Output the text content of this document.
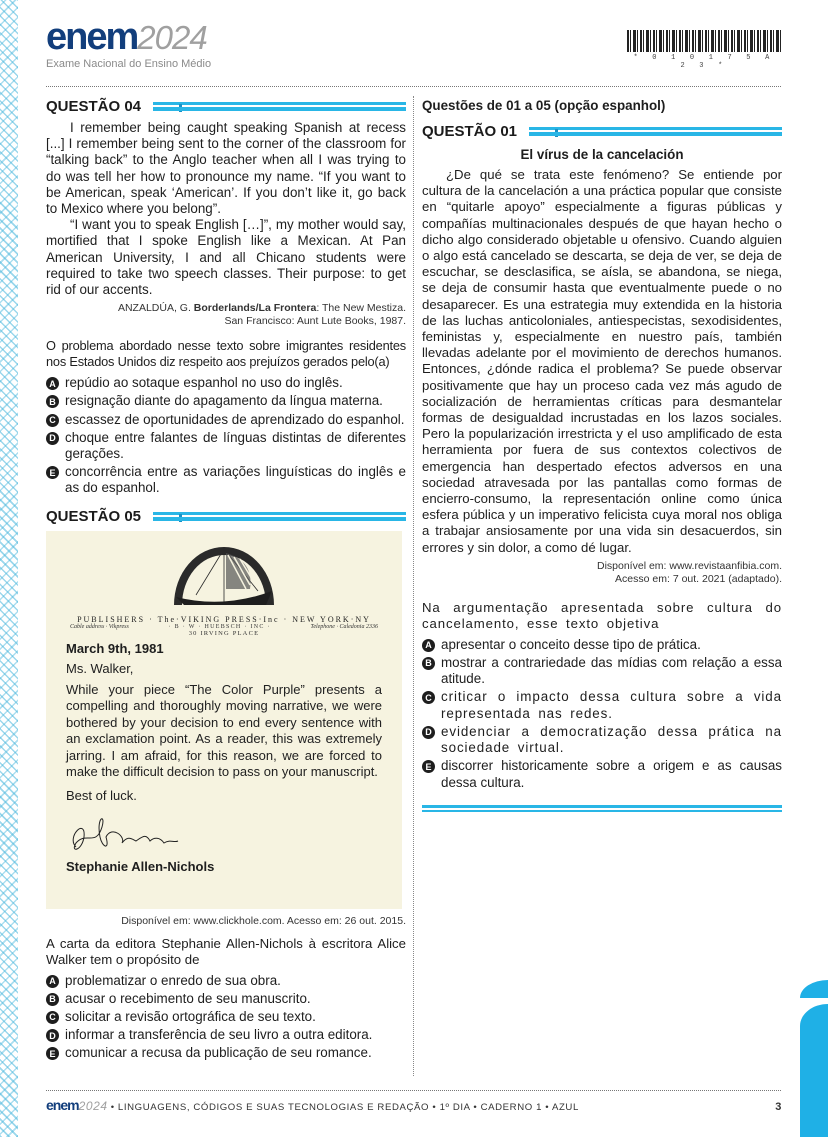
enem 2024
Exame Nacional do Ensino Médio	* 0 1 0 1 7 5 A 2 3 *
QUESTÃO 04

I remember being caught speaking Spanish at recess [...] I remember being sent to the corner of the classroom for “talking back” to the Anglo teacher when all I was trying to do was tell her how to pronounce my name. “If you want to be American, speak ‘American’. If you don’t like it, go back to Mexico where you belong”.

“I want you to speak English […]”, my mother would say, mortified that I spoke English like a Mexican. At Pan American University, I and all Chicano students were required to take two speech classes. Their purpose: to get rid of our accents.

ANZALDÚA, G. Borderlands/La Frontera: The New Mestiza.
San Francisco: Aunt Lute Books, 1987.

O problema abordado nesse texto sobre imigrantes residentes nos Estados Unidos diz respeito aos prejuízos gerados pelo(a)

A repúdio ao sotaque espanhol no uso do inglês.
B resignação diante do apagamento da língua materna.
C escassez de oportunidades de aprendizado do espanhol.
D choque entre falantes de línguas distintas de diferentes gerações.
E concorrência entre as variações linguísticas do inglês e as do espanhol.
QUESTÃO 05
PUBLISHERS · The·VIKING PRESS·Inc · NEW YORK·NY
Cable address · Vikpress	· B · W · HUEBSCH · INC ·	Telephone · Caledonia 2336
30 IRVING PLACE
March 9th, 1981
Ms. Walker,
While your piece “The Color Purple” presents a compelling and thoroughly moving narrative, we were bothered by your decision to end every sentence with an exclamation point. As a reader, this was extremely jarring. I am afraid, for this reason, we are forced to make the difficult decision to pass on your manuscript.
Best of luck.
Stephanie Allen-Nichols
Disponível em: www.clickhole.com. Acesso em: 26 out. 2015.

A carta da editora Stephanie Allen-Nichols à escritora Alice Walker tem o propósito de

A problematizar o enredo de sua obra.
B acusar o recebimento de seu manuscrito.
C solicitar a revisão ortográfica de seu texto.
D informar a transferência de seu livro a outra editora.
E comunicar a recusa da publicação de seu romance.
Questões de 01 a 05 (opção espanhol)
QUESTÃO 01
El vírus de la cancelación

¿De qué se trata este fenómeno? Se entiende por cultura de la cancelación a una práctica popular que consiste en “quitarle apoyo” especialmente a figuras públicas y compañías multinacionales después de que hayan hecho o dicho algo considerado objetable u ofensivo. Cuando alguien o algo está cancelado se descarta, se deja de ver, se deja de escuchar, se desclasifica, se aísla, se abandona, se niega, se deja de consumir hasta que eventualmente puede o no desaparecer. Es una estrategia muy extendida en la historia de las luchas anticoloniales, antiespecistas, sexodisidentes, feministas y, especialmente en nuestro país, también llevadas adelante por el movimiento de derechos humanos. Entonces, ¿dónde radica el problema? Se puede observar positivamente que hay un proceso cada vez más agudo de socialización de herramientas críticas para desmantelar formas de desigualdad incrustadas en los lazos sociales. Pero la popularización irrestricta y el uso amplificado de esta herramienta por fuera de sus contextos colectivos de emergencia han despertado efectos adversos en una sociedad atravesada por las pantallas como formas de encierro-consumo, la representación online como única esfera pública y un imperativo felicista cuya moral nos obliga a trabajar ansiosamente por una vida sin desacuerdos, sin errores y sin dolor, a como dé lugar.

Disponível em: www.revistaanfibia.com.
Acesso em: 7 out. 2021 (adaptado).

Na argumentação apresentada sobre cultura do cancelamento, esse texto objetiva

A apresentar o conceito desse tipo de prática.
B mostrar a contrariedade das mídias com relação a essa atitude.
C criticar o impacto dessa cultura sobre a vida representada nas redes.
D evidenciar a democratização dessa prática na sociedade virtual.
E discorrer historicamente sobre a origem e as causas dessa cultura.
enem 2024 • LINGUAGENS, CÓDIGOS E SUAS TECNOLOGIAS E REDAÇÃO • 1º DIA • CADERNO 1 • AZUL	3
